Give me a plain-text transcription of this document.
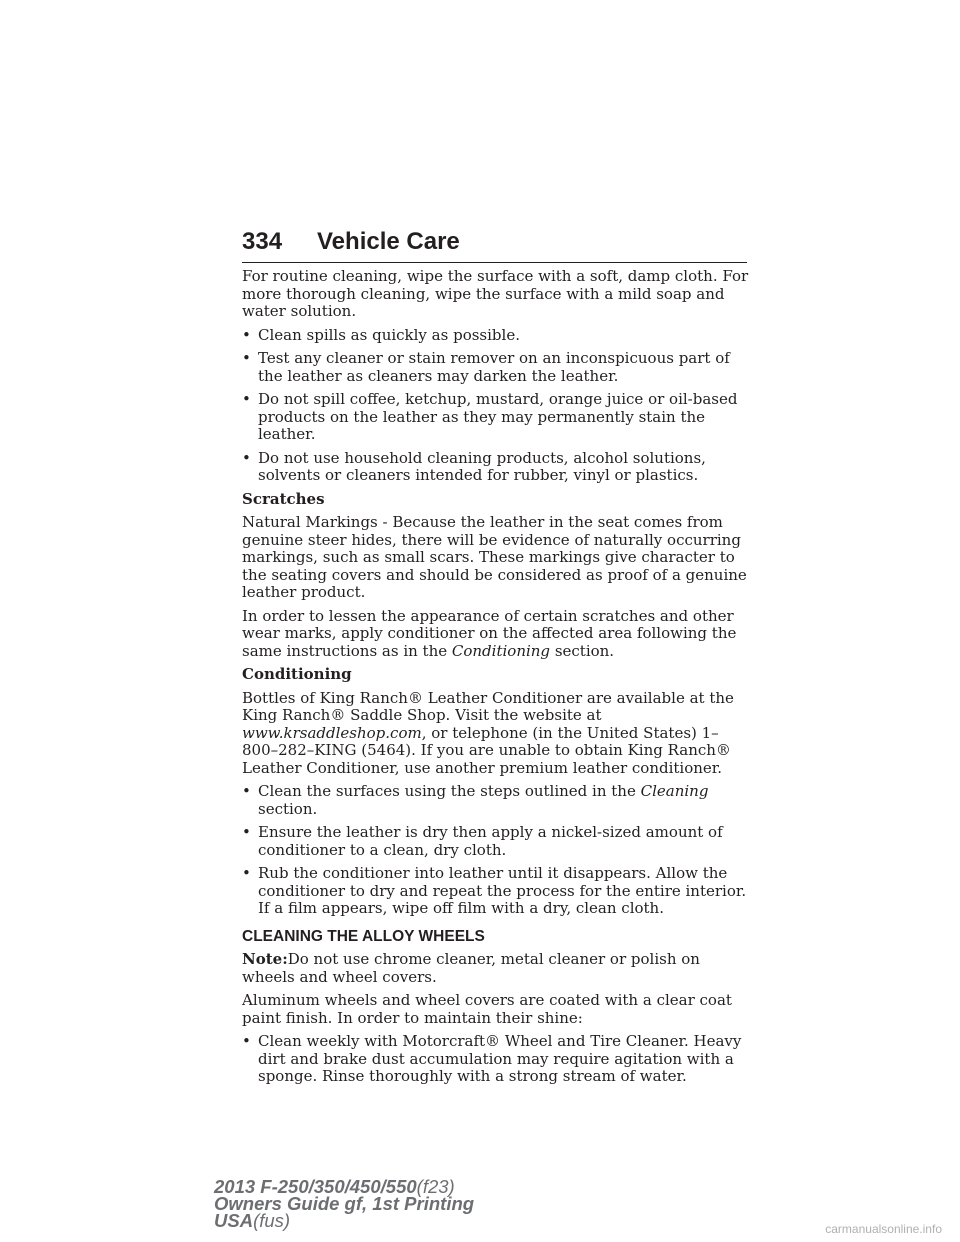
334	Vehicle Care

For routine cleaning, wipe the surface with a soft, damp cloth. For more thorough cleaning, wipe the surface with a mild soap and water solution.

• Clean spills as quickly as possible.
• Test any cleaner or stain remover on an inconspicuous part of the leather as cleaners may darken the leather.
• Do not spill coffee, ketchup, mustard, orange juice or oil-based products on the leather as they may permanently stain the leather.
• Do not use household cleaning products, alcohol solutions, solvents or cleaners intended for rubber, vinyl or plastics.
Scratches

Natural Markings - Because the leather in the seat comes from genuine steer hides, there will be evidence of naturally occurring markings, such as small scars. These markings give character to the seating covers and should be considered as proof of a genuine leather product.

In order to lessen the appearance of certain scratches and other wear marks, apply conditioner on the affected area following the same instructions as in the Conditioning section.

Conditioning

Bottles of King Ranch® Leather Conditioner are available at the King Ranch® Saddle Shop. Visit the website at www.krsaddleshop.com, or telephone (in the United States) 1–800–282–KING (5464). If you are unable to obtain King Ranch® Leather Conditioner, use another premium leather conditioner.

• Clean the surfaces using the steps outlined in the Cleaning section.
• Ensure the leather is dry then apply a nickel-sized amount of conditioner to a clean, dry cloth.
• Rub the conditioner into leather until it disappears. Allow the conditioner to dry and repeat the process for the entire interior. If a film appears, wipe off film with a dry, clean cloth.
CLEANING THE ALLOY WHEELS

Note:Do not use chrome cleaner, metal cleaner or polish on wheels and wheel covers.

Aluminum wheels and wheel covers are coated with a clear coat paint finish. In order to maintain their shine:

• Clean weekly with Motorcraft® Wheel and Tire Cleaner. Heavy dirt and brake dust accumulation may require agitation with a sponge. Rinse thoroughly with a strong stream of water.
2013 F-250/350/450/550(f23)
Owners Guide gf, 1st Printing
USA(fus)	carmanualsonline.info
